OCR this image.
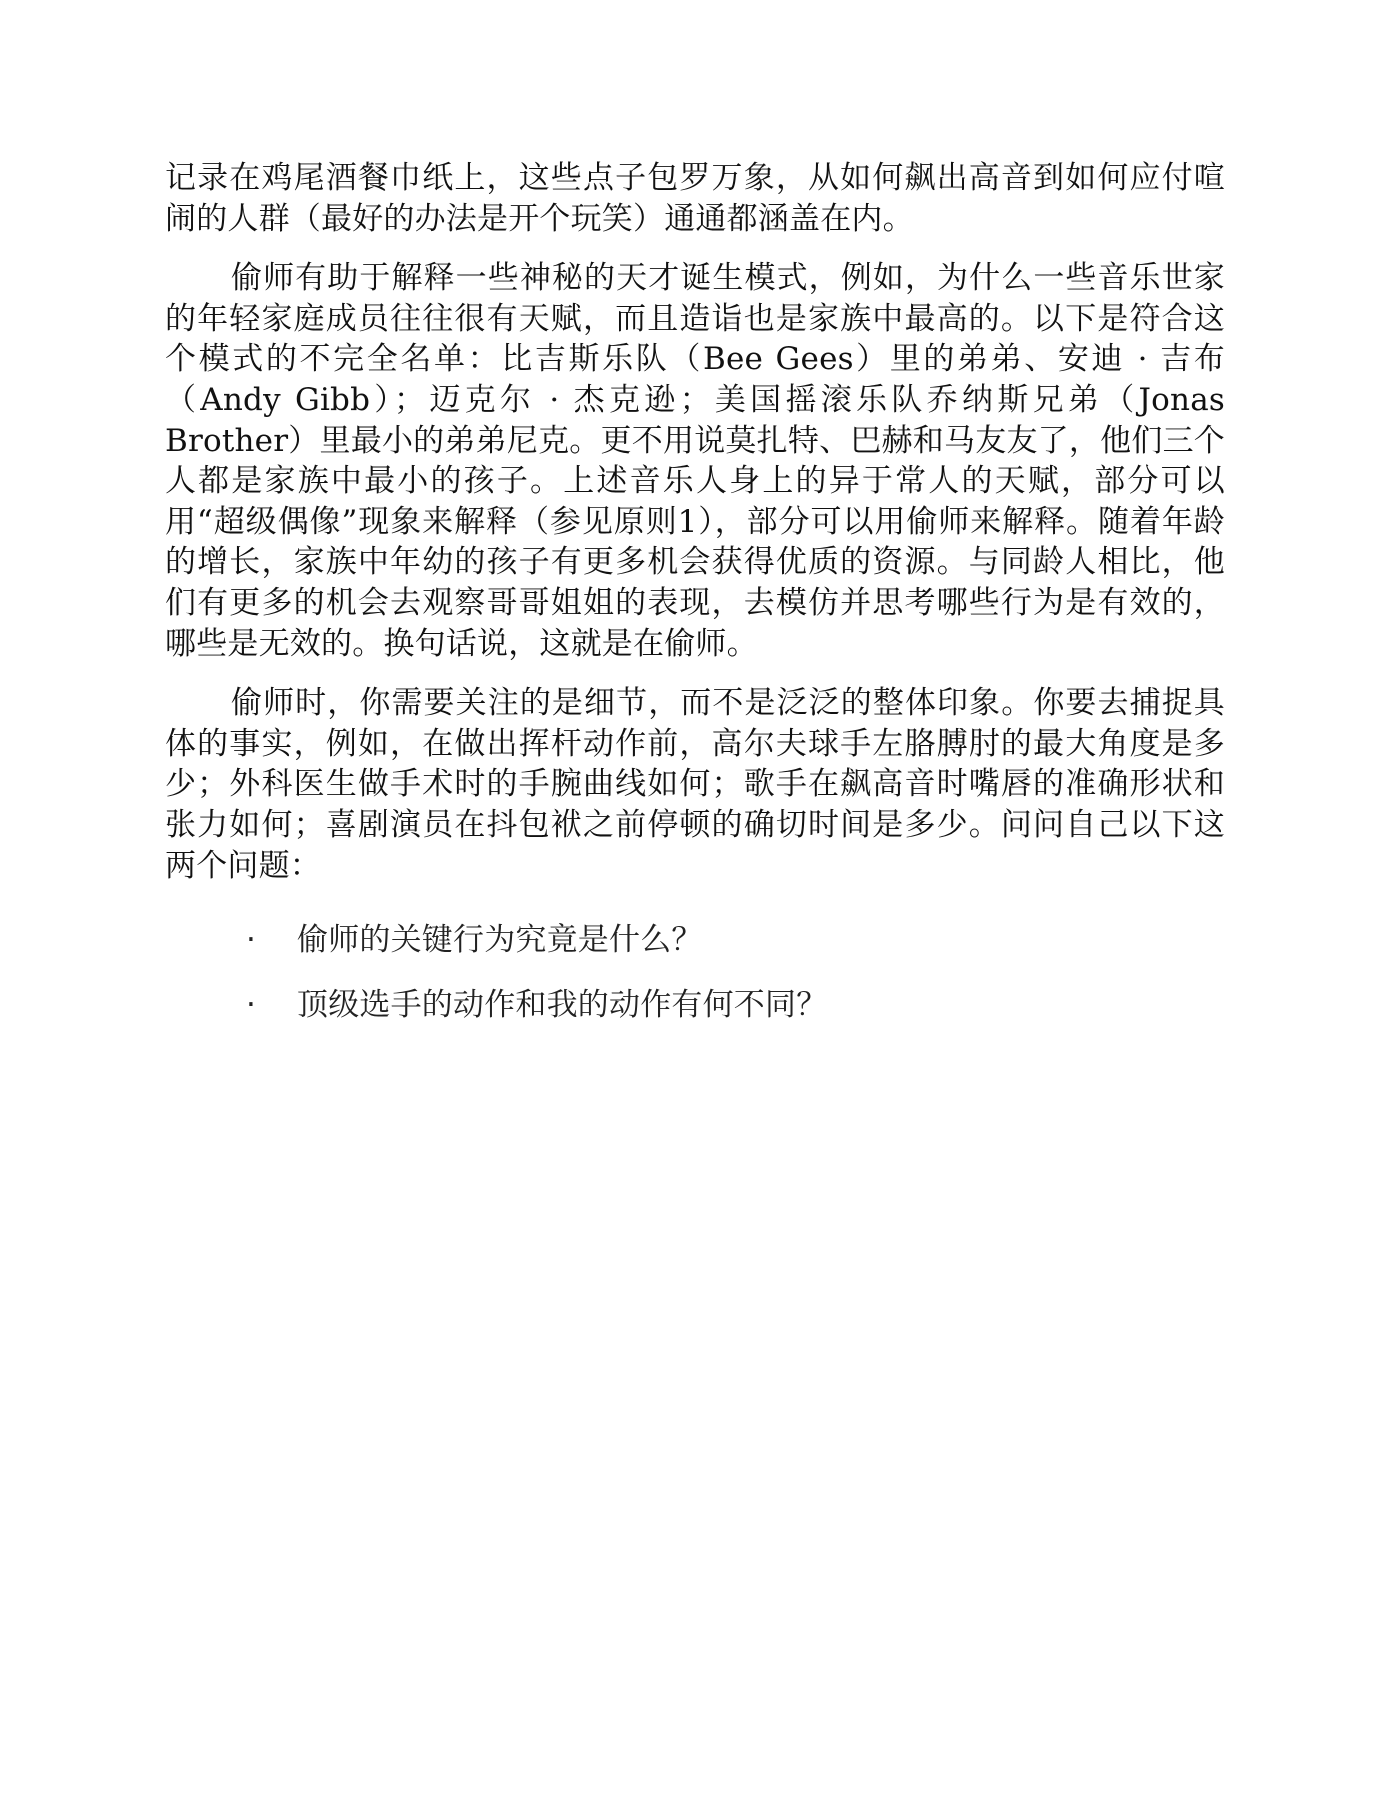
记录在鸡尾酒餐巾纸上，这些点子包罗万象，从如何飙出高音到如何应付喧闹的人群（最好的办法是开个玩笑）通通都涵盖在内。

偷师有助于解释一些神秘的天才诞生模式，例如，为什么一些音乐世家的年轻家庭成员往往很有天赋，而且造诣也是家族中最高的。以下是符合这个模式的不完全名单：比吉斯乐队（Bee Gees）里的弟弟、安迪 · 吉布（Andy Gibb）；迈克尔 · 杰克逊；美国摇滚乐队乔纳斯兄弟（Jonas Brother）里最小的弟弟尼克。更不用说莫扎特、巴赫和马友友了，他们三个人都是家族中最小的孩子。上述音乐人身上的异于常人的天赋，部分可以用“超级偶像”现象来解释（参见原则1），部分可以用偷师来解释。随着年龄的增长，家族中年幼的孩子有更多机会获得优质的资源。与同龄人相比，他们有更多的机会去观察哥哥姐姐的表现，去模仿并思考哪些行为是有效的，哪些是无效的。换句话说，这就是在偷师。

偷师时，你需要关注的是细节，而不是泛泛的整体印象。你要去捕捉具体的事实，例如，在做出挥杆动作前，高尔夫球手左胳膊肘的最大角度是多少；外科医生做手术时的手腕曲线如何；歌手在飙高音时嘴唇的准确形状和张力如何；喜剧演员在抖包袱之前停顿的确切时间是多少。问问自己以下这两个问题：

· 偷师的关键行为究竟是什么？
· 顶级选手的动作和我的动作有何不同？
